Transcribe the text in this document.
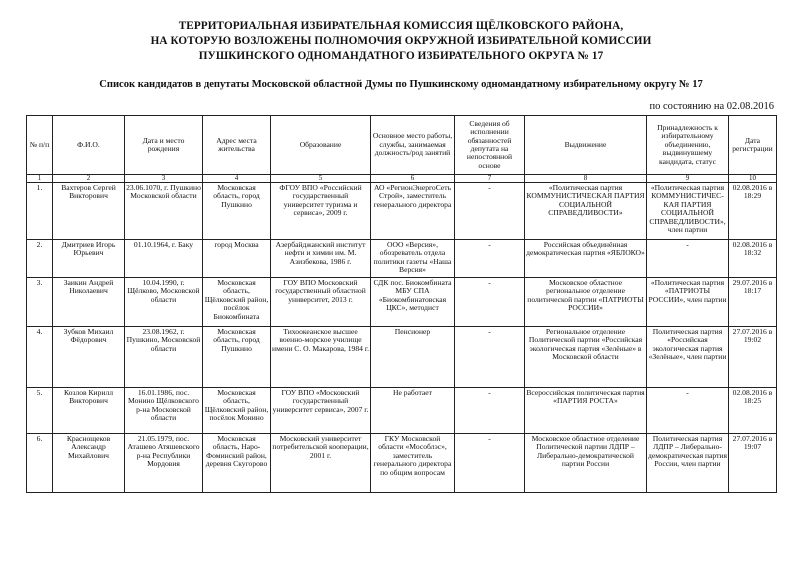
ТЕРРИТОРИАЛЬНАЯ ИЗБИРАТЕЛЬНАЯ КОМИССИЯ ЩЁЛКОВСКОГО РАЙОНА,
НА КОТОРУЮ ВОЗЛОЖЕНЫ ПОЛНОМОЧИЯ ОКРУЖНОЙ ИЗБИРАТЕЛЬНОЙ КОМИССИИ
ПУШКИНСКОГО ОДНОМАНДАТНОГО ИЗБИРАТЕЛЬНОГО ОКРУГА № 17
Список кандидатов в депутаты Московской областной Думы по Пушкинскому одномандатному избирательному округу № 17
по состоянию на 02.08.2016
№ п/п	Ф.И.О.	Дата и место рождения	Адрес места жительства	Образование	Основное место работы, службы, занимаемая должность/род занятий	Сведения об исполнении обязанностей депутата на непостоянной основе	Выдвижение	Принадлежность к избирательному объединению, выдвинувшему кандидата, статус	Дата регистрации
1	2	3	4	5	6	7	8	9	10
1.	Вахтеров Сергей Викторович	23.06.1070, г. Пушкино Московской области	Московская область, город Пушкино	ФГОУ ВПО «Российский государственный университет туризма и сервиса», 2009 г.	АО «РегионЭнергоСеть Строй», заместитель генерального директора	-	«Политическая партия КОММУНИСТИЧЕСКАЯ ПАРТИЯ СОЦИАЛЬНОЙ СПРАВЕДЛИВОСТИ»	«Политическая партия КОММУНИСТИЧЕС-КАЯ ПАРТИЯ СОЦИАЛЬНОЙ СПРАВЕДЛИВОСТИ», член партии	02.08.2016 в 18:29
2.	Дмитриев Игорь Юрьевич	01.10.1964, г. Баку	город Москва	Азербайджанский институт нефти и химии им. М. Азизбекова, 1986 г.	ООО «Версия», обозреватель отдела политики газеты «Наша Версия»	-	Российская объединённая демократическая партия «ЯБЛОКО»	-	02.08.2016 в 18:32
3.	Заикин Андрей Николаевич	10.04.1990, г. Щёлково, Московской области	Московская область, Щёлковский район, посёлок Биокомбината	ГОУ ВПО Московский государственный областной университет, 2013 г.	СДК пос. Биокомбината МБУ СПА «Биокомбинатовская ЦКС», методист	-	Московское областное региональное отделение политической партии «ПАТРИОТЫ РОССИИ»	«Политическая партия «ПАТРИОТЫ РОССИИ», член партии	29.07.2016 в 18:17
4.	Зубков Михаил Фёдорович	23.08.1962, г. Пушкино, Московской области	Московская область, город Пушкино	Тихоокеанское высшее военно-морское училище имени С. О. Макарова, 1984 г.	Пенсионер	-	Региональное отделение Политической партии «Российская экологическая партия «Зелёные» в Московской области	Политическая партия «Российская экологическая партия «Зелёные», член партии	27.07.2016 в 19:02
5.	Козлов Кирилл Викторович	16.01.1986, пос. Монино Щёлковского р-на Московской области	Московская область, Щёлковский район, посёлок Монино	ГОУ ВПО «Московский государственный университет сервиса», 2007 г.	Не работает	-	Всероссийская политическая партия «ПАРТИЯ РОСТА»	-	02.08.2016 в 18:25
6.	Краснощеков Александр Михайлович	21.05.1979, пос. Аташево Атяшевского р-на Республики Мордовия	Московская область, Наро-Фоминский район, деревня Скугорово	Московский университет потребительской кооперации, 2001 г.	ГКУ Московской области «Мособлэс», заместитель генерального директора по общим вопросам	-	Московское областное отделение Политической партии ЛДПР – Либерально-демократической партии России	Политическая партия ЛДПР – Либерально-демократическая партия России, член партии	27.07.2016 в 19:07
